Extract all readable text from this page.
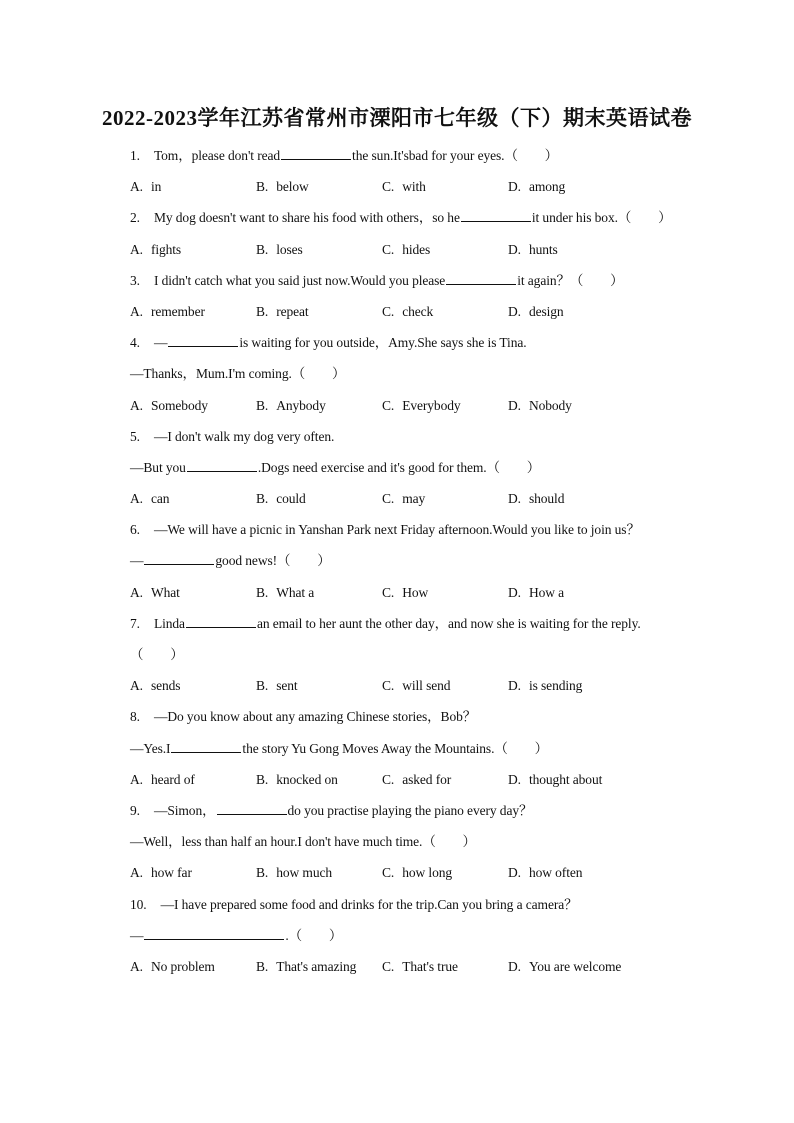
2022-2023学年江苏省常州市溧阳市七年级（下）期末英语试卷
1. Tom，please don't read	the sun.It'sbad for your eyes.（　　）
A. in	B. below	C. with	D. among
2. My dog doesn't want to share his food with others，so he	it under his box.（　　）
A. fights	B. loses	C. hides	D. hunts
3. I didn't catch what you said just now.Would you please	it again？（　　）
A. remember	B. repeat	C. check	D. design
4. —	is waiting for you outside，Amy.She says she is Tina.
—Thanks，Mum.I'm coming.（　　）
A. Somebody	B. Anybody	C. Everybody	D. Nobody
5. —I don't walk my dog very often.
—But you	.Dogs need exercise and it's good for them.（　　）
A. can	B. could	C. may	D. should
6. —We will have a picnic in Yanshan Park next Friday afternoon.Would you like to join us？
—	good news!（　　）
A. What	B. What a	C. How	D. How a
7. Linda	an email to her aunt the other day，and now she is waiting for the reply.
（　　）
A. sends	B. sent	C. will send	D. is sending
8. —Do you know about any amazing Chinese stories，Bob？
—Yes.I	the story Yu Gong Moves Away the Mountains.（　　）
A. heard of	B. knocked on	C. asked for	D. thought about
9. —Simon，	do you practise playing the piano every day？
—Well，less than half an hour.I don't have much time.（　　）
A. how far	B. how much	C. how long	D. how often
10. —I have prepared some food and drinks for the trip.Can you bring a camera？
—	.（　　）
A. No problem	B. That's amazing	C. That's true	D. You are welcome
